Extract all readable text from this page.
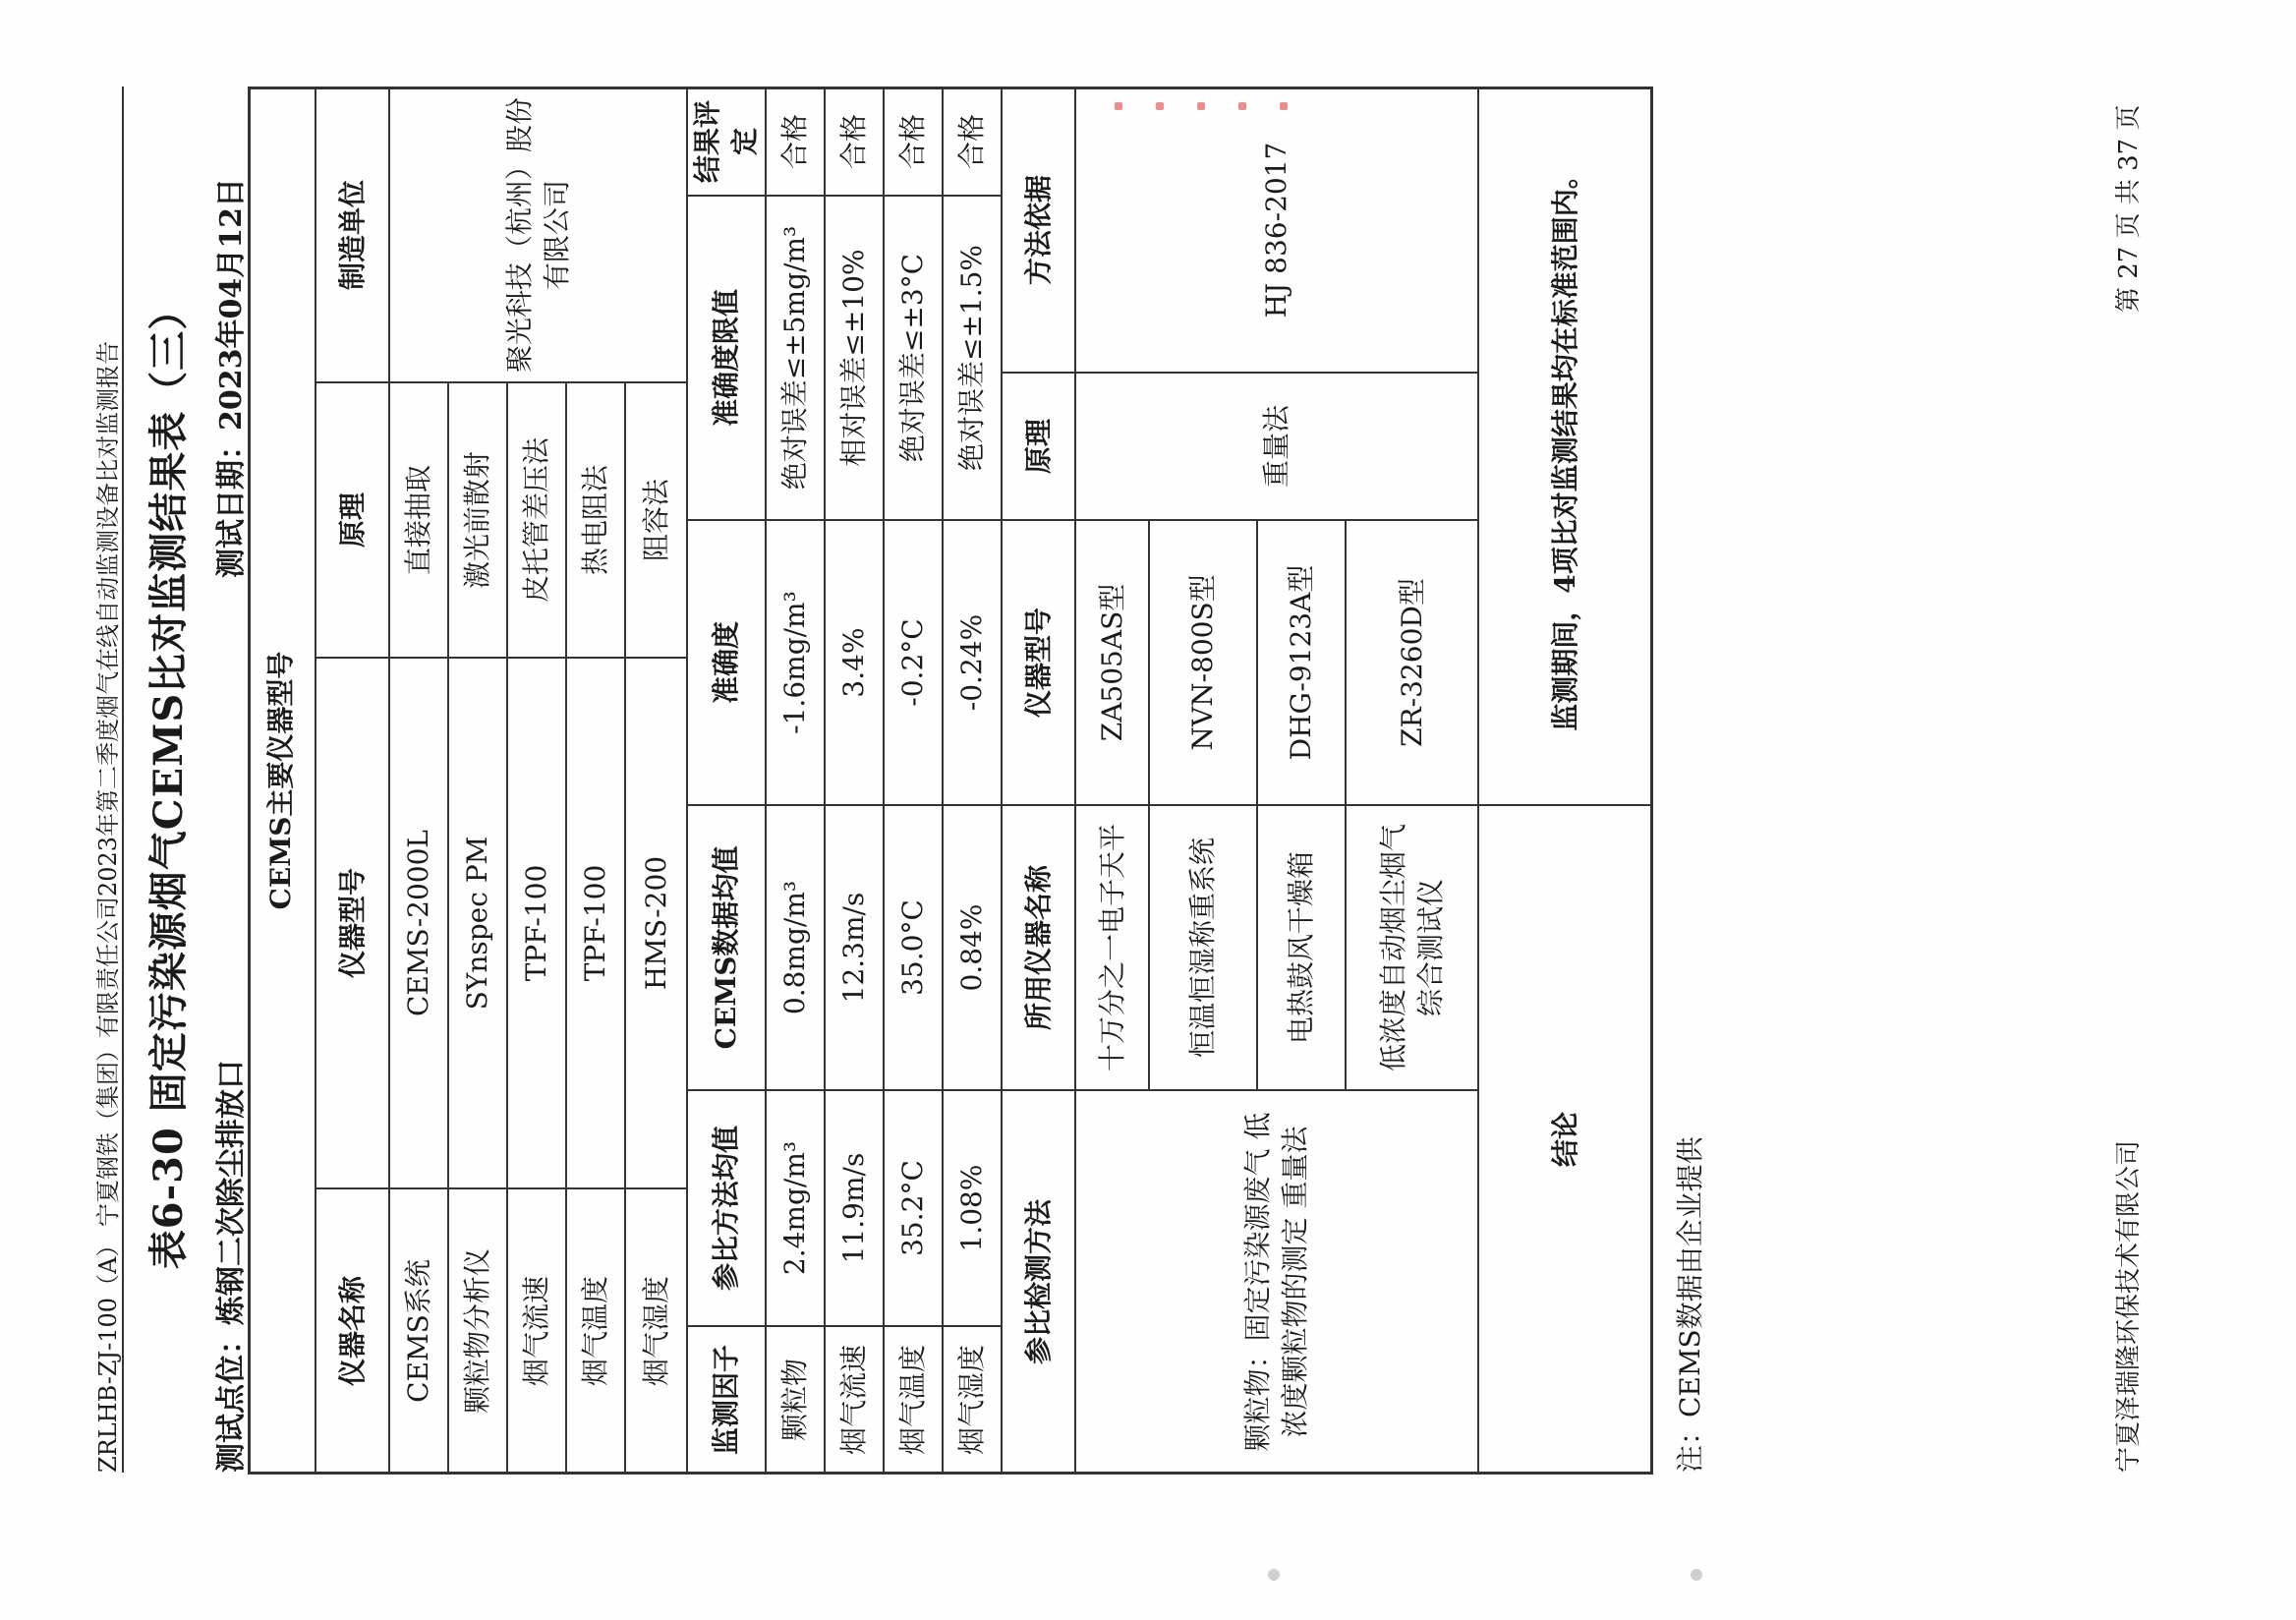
ZRLHB-ZJ-100（A）
宁夏钢铁（集团）有限责任公司2023年第二季度烟气在线自动监测设备比对监测报告 表6-30 固定污染源烟气CEMS比对监测结果表（三） 测试点位：炼钢二次除尘排放口
测试日期：2023年04月12日
CEMS主要仪器型号
仪器名称
仪器型号
原理
制造单位
CEMS系统
CEMS-2000L
直接抽取
颗粒物分析仪
SYnspec PM
激光前散射
烟气流速
TPF-100
皮托管差压法
烟气温度
TPF-100
热电阻法
烟气湿度
HMS-200
阻容法
聚光科技（杭州）股份有限公司
监测因子
参比方法均值
CEMS数据均值
准确度
准确度限值
结果评定
颗粒物
2.4mg/m³
0.8mg/m³
-1.6mg/m³
绝对误差≤±5mg/m³
合格
烟气流速
11.9m/s
12.3m/s
3.4%
相对误差≤±10%
合格
烟气温度
35.2°C
35.0°C
-0.2°C
绝对误差≤±3°C
合格
烟气湿度
1.08%
0.84%
-0.24%
绝对误差≤±1.5%
合格
参比检测方法
所用仪器名称
仪器型号
原理
方法依据
颗粒物：固定污染源废气 低浓度颗粒物的测定 重量法
十万分之一电子天平
ZA505AS型
恒温恒湿称重系统
NVN-800S型
电热鼓风干燥箱
DHG-9123A型
低浓度自动烟尘烟气综合测试仪
ZR-3260D型
重量法
HJ 836-2017
结论
监测期间，4项比对监测结果均在标准范围内。
注：CEMS数据由企业提供	宁夏泽瑞隆环保技术有限公司
第 27 页 共 37 页
